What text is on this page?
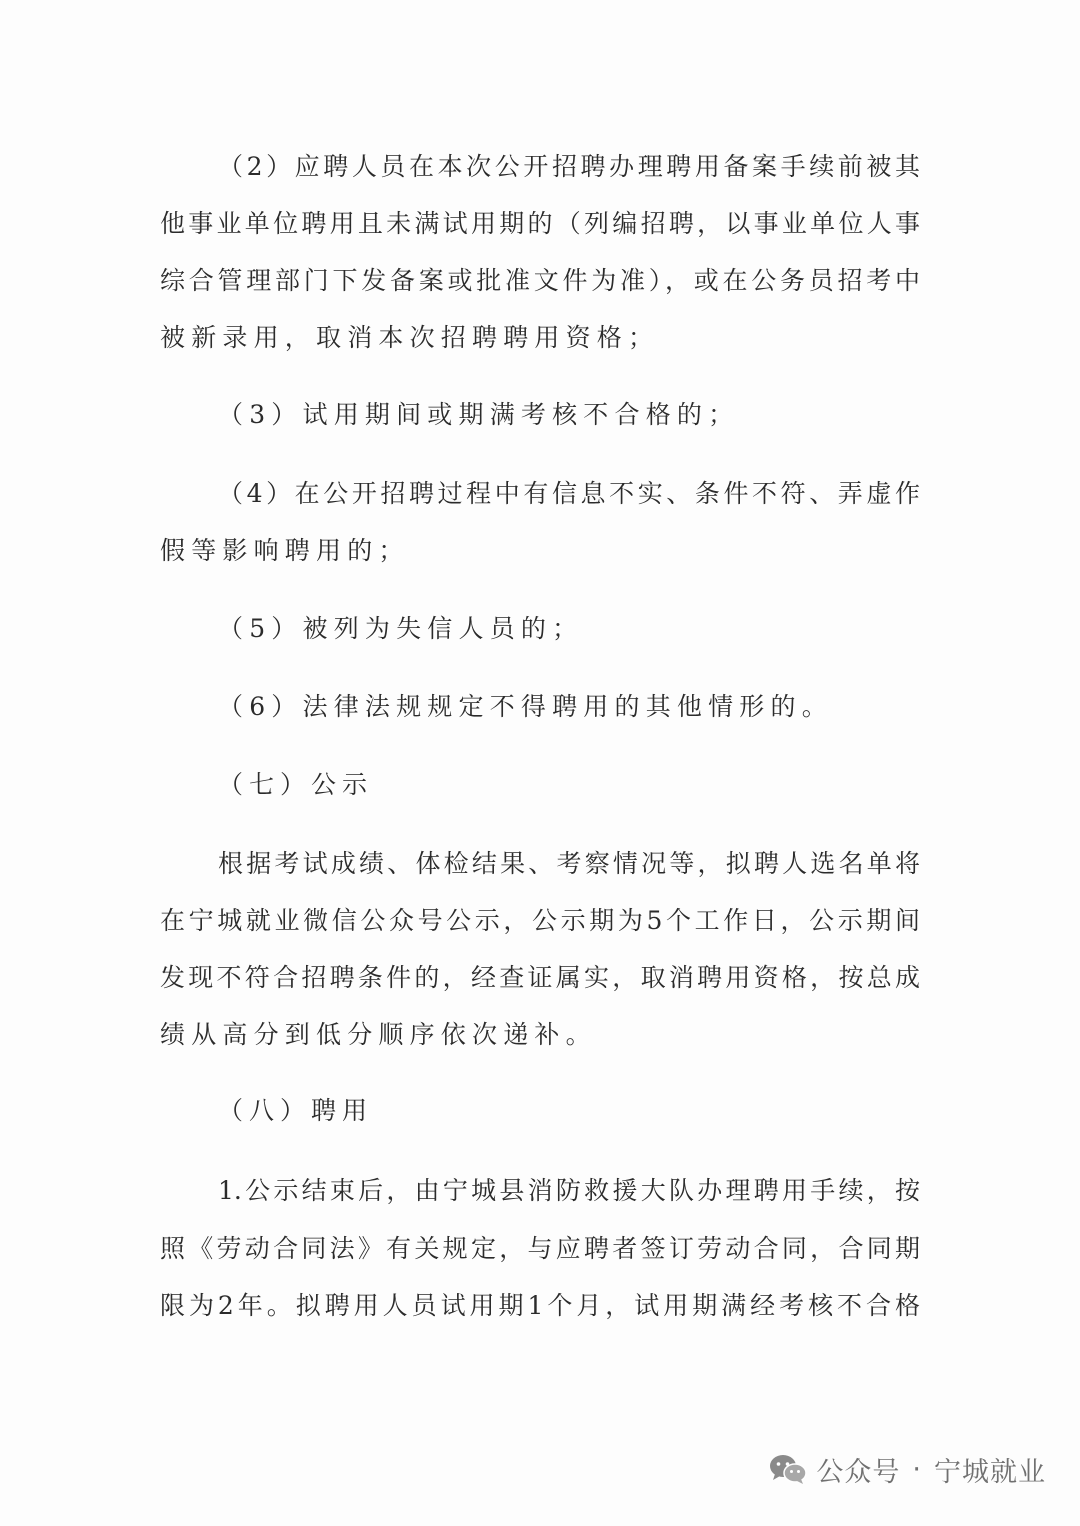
（2）应聘人员在本次公开招聘办理聘用备案手续前被其
他事业单位聘用且未满试用期的（列编招聘，以事业单位人事
综合管理部门下发备案或批准文件为准），或在公务员招考中
被新录用，取消本次招聘聘用资格；
（3）试用期间或期满考核不合格的；
（4）在公开招聘过程中有信息不实、条件不符、弄虚作
假等影响聘用的；
（5）被列为失信人员的；
（6）法律法规规定不得聘用的其他情形的。
（七）公示
根据考试成绩、体检结果、考察情况等，拟聘人选名单将
在宁城就业微信公众号公示，公示期为5个工作日，公示期间
发现不符合招聘条件的，经查证属实，取消聘用资格，按总成
绩从高分到低分顺序依次递补。
（八）聘用
1.公示结束后，由宁城县消防救援大队办理聘用手续，按
照《劳动合同法》有关规定，与应聘者签订劳动合同，合同期
限为2年。拟聘用人员试用期1个月，试用期满经考核不合格
公众号 · 宁城就业
